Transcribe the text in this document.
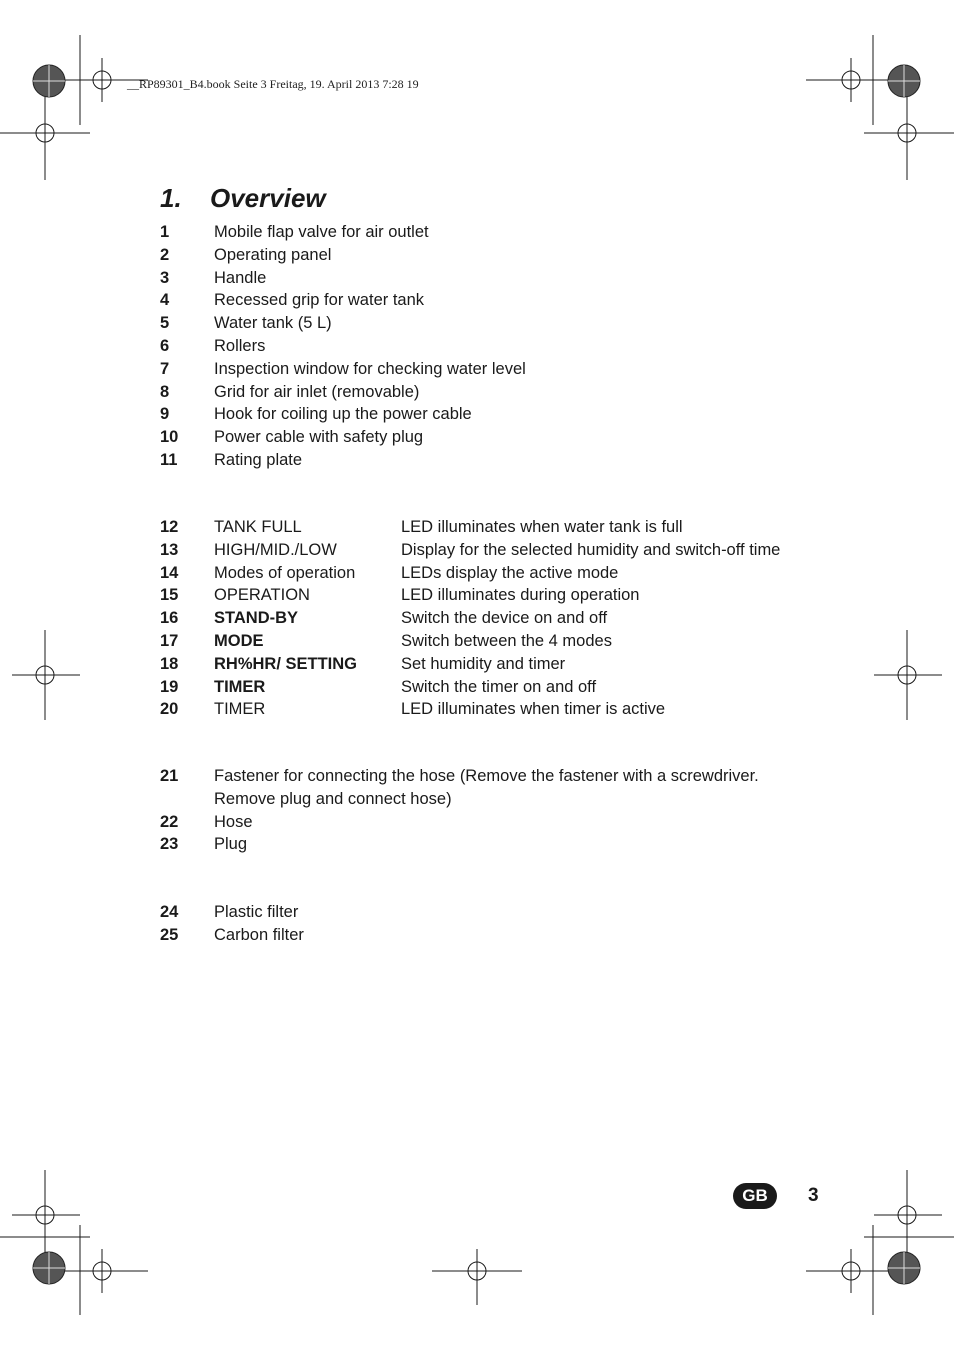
__RP89301_B4.book Seite 3 Freitag, 19. April 2013 7:28 19
1. Overview
1	Mobile flap valve for air outlet
2	Operating panel
3	Handle
4	Recessed grip for water tank
5	Water tank (5 L)
6	Rollers
7	Inspection window for checking water level
8	Grid for air inlet (removable)
9	Hook for coiling up the power cable
10 Power cable with safety plug
11 Rating plate
12 TANK FULL	LED illuminates when water tank is full
13 HIGH/MID./LOW	Display for the selected humidity and switch-off time
14 Modes of operation	LEDs display the active mode
15 OPERATION	LED illuminates during operation
16 STAND-BY	Switch the device on and off
17 MODE	Switch between the 4 modes
18 RH%HR/ SETTING	Set humidity and timer
19 TIMER	Switch the timer on and off
20 TIMER	LED illuminates when timer is active
21 Fastener for connecting the hose (Remove the fastener with a screwdriver. Remove plug and connect hose)
22 Hose
23 Plug
24 Plastic filter
25 Carbon filter
GB	3
